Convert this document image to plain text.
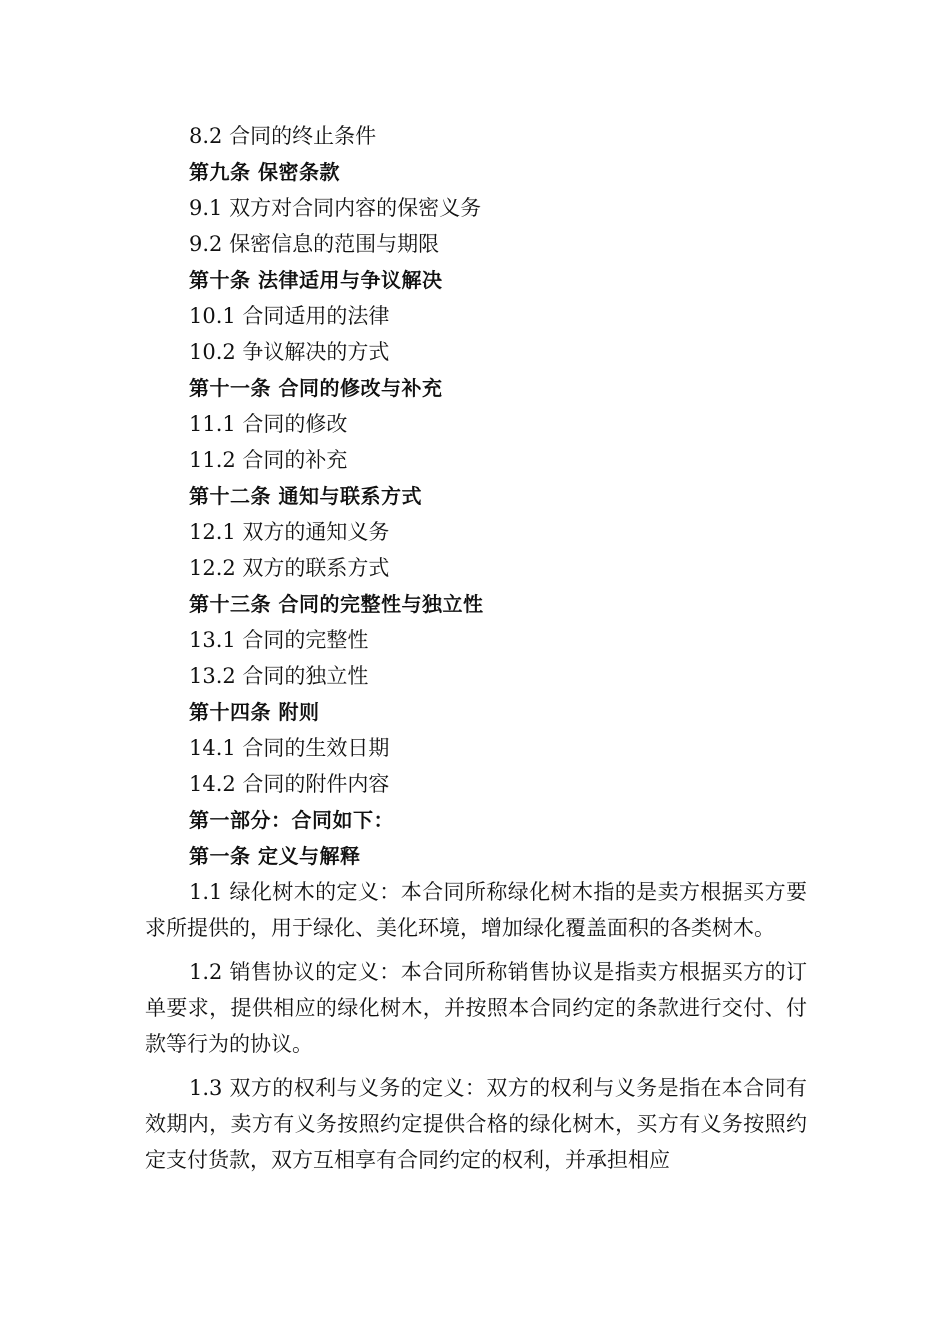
8.2 合同的终止条件

第九条 保密条款

9.1 双方对合同内容的保密义务

9.2 保密信息的范围与期限

第十条 法律适用与争议解决

10.1 合同适用的法律

10.2 争议解决的方式

第十一条 合同的修改与补充

11.1 合同的修改

11.2 合同的补充

第十二条 通知与联系方式

12.1 双方的通知义务

12.2 双方的联系方式

第十三条 合同的完整性与独立性

13.1 合同的完整性

13.2 合同的独立性

第十四条 附则

14.1 合同的生效日期

14.2 合同的附件内容

第一部分：合同如下：

第一条 定义与解释

1.1 绿化树木的定义：本合同所称绿化树木指的是卖方根据买方要求所提供的，用于绿化、美化环境，增加绿化覆盖面积的各类树木。

1.2 销售协议的定义：本合同所称销售协议是指卖方根据买方的订单要求，提供相应的绿化树木，并按照本合同约定的条款进行交付、付款等行为的协议。

1.3 双方的权利与义务的定义：双方的权利与义务是指在本合同有效期内，卖方有义务按照约定提供合格的绿化树木，买方有义务按照约定支付货款，双方互相享有合同约定的权利，并承担相应
